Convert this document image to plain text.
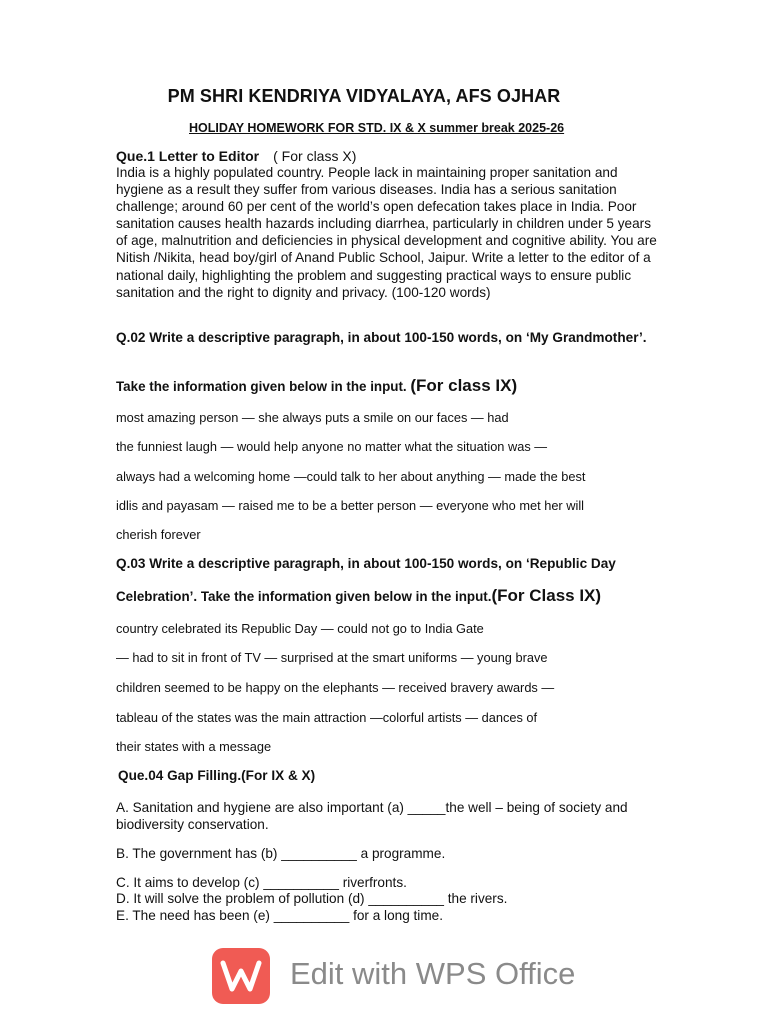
PM SHRI KENDRIYA VIDYALAYA, AFS OJHAR
HOLIDAY HOMEWORK FOR STD. IX & X summer break 2025-26
Que.1 Letter to Editor ( For class X)
India is a highly populated country. People lack in maintaining proper sanitation and hygiene as a result they suffer from various diseases. India has a serious sanitation challenge; around 60 per cent of the world’s open defecation takes place in India. Poor sanitation causes health hazards including diarrhea, particularly in children under 5 years of age, malnutrition and deficiencies in physical development and cognitive ability. You are Nitish /Nikita, head boy/girl of Anand Public School, Jaipur. Write a letter to the editor of a national daily, highlighting the problem and suggesting practical ways to ensure public sanitation and the right to dignity and privacy. (100-120 words)
Q.02 Write a descriptive paragraph, in about 100-150 words, on ‘My Grandmother’.
Take the information given below in the input. (For class IX)
most amazing person — she always puts a smile on our faces — had
the funniest laugh — would help anyone no matter what the situation was —
always had a welcoming home —could talk to her about anything — made the best
idlis and payasam — raised me to be a better person — everyone who met her will
cherish forever
Q.03 Write a descriptive paragraph, in about 100-150 words, on ‘Republic Day
Celebration’. Take the information given below in the input.(For Class IX)
country celebrated its Republic Day — could not go to India Gate
— had to sit in front of TV — surprised at the smart uniforms — young brave
children seemed to be happy on the elephants — received bravery awards —
tableau of the states was the main attraction —colorful artists — dances of
their states with a message
Que.04 Gap Filling.(For IX & X)
A. Sanitation and hygiene are also important (a) _____the well – being of society and biodiversity conservation.
B. The government has (b) __________ a programme.
C. It aims to develop (c) __________ riverfronts.
D. It will solve the problem of pollution (d) __________ the rivers.
E. The need has been (e) __________ for a long time.
Edit with WPS Office
